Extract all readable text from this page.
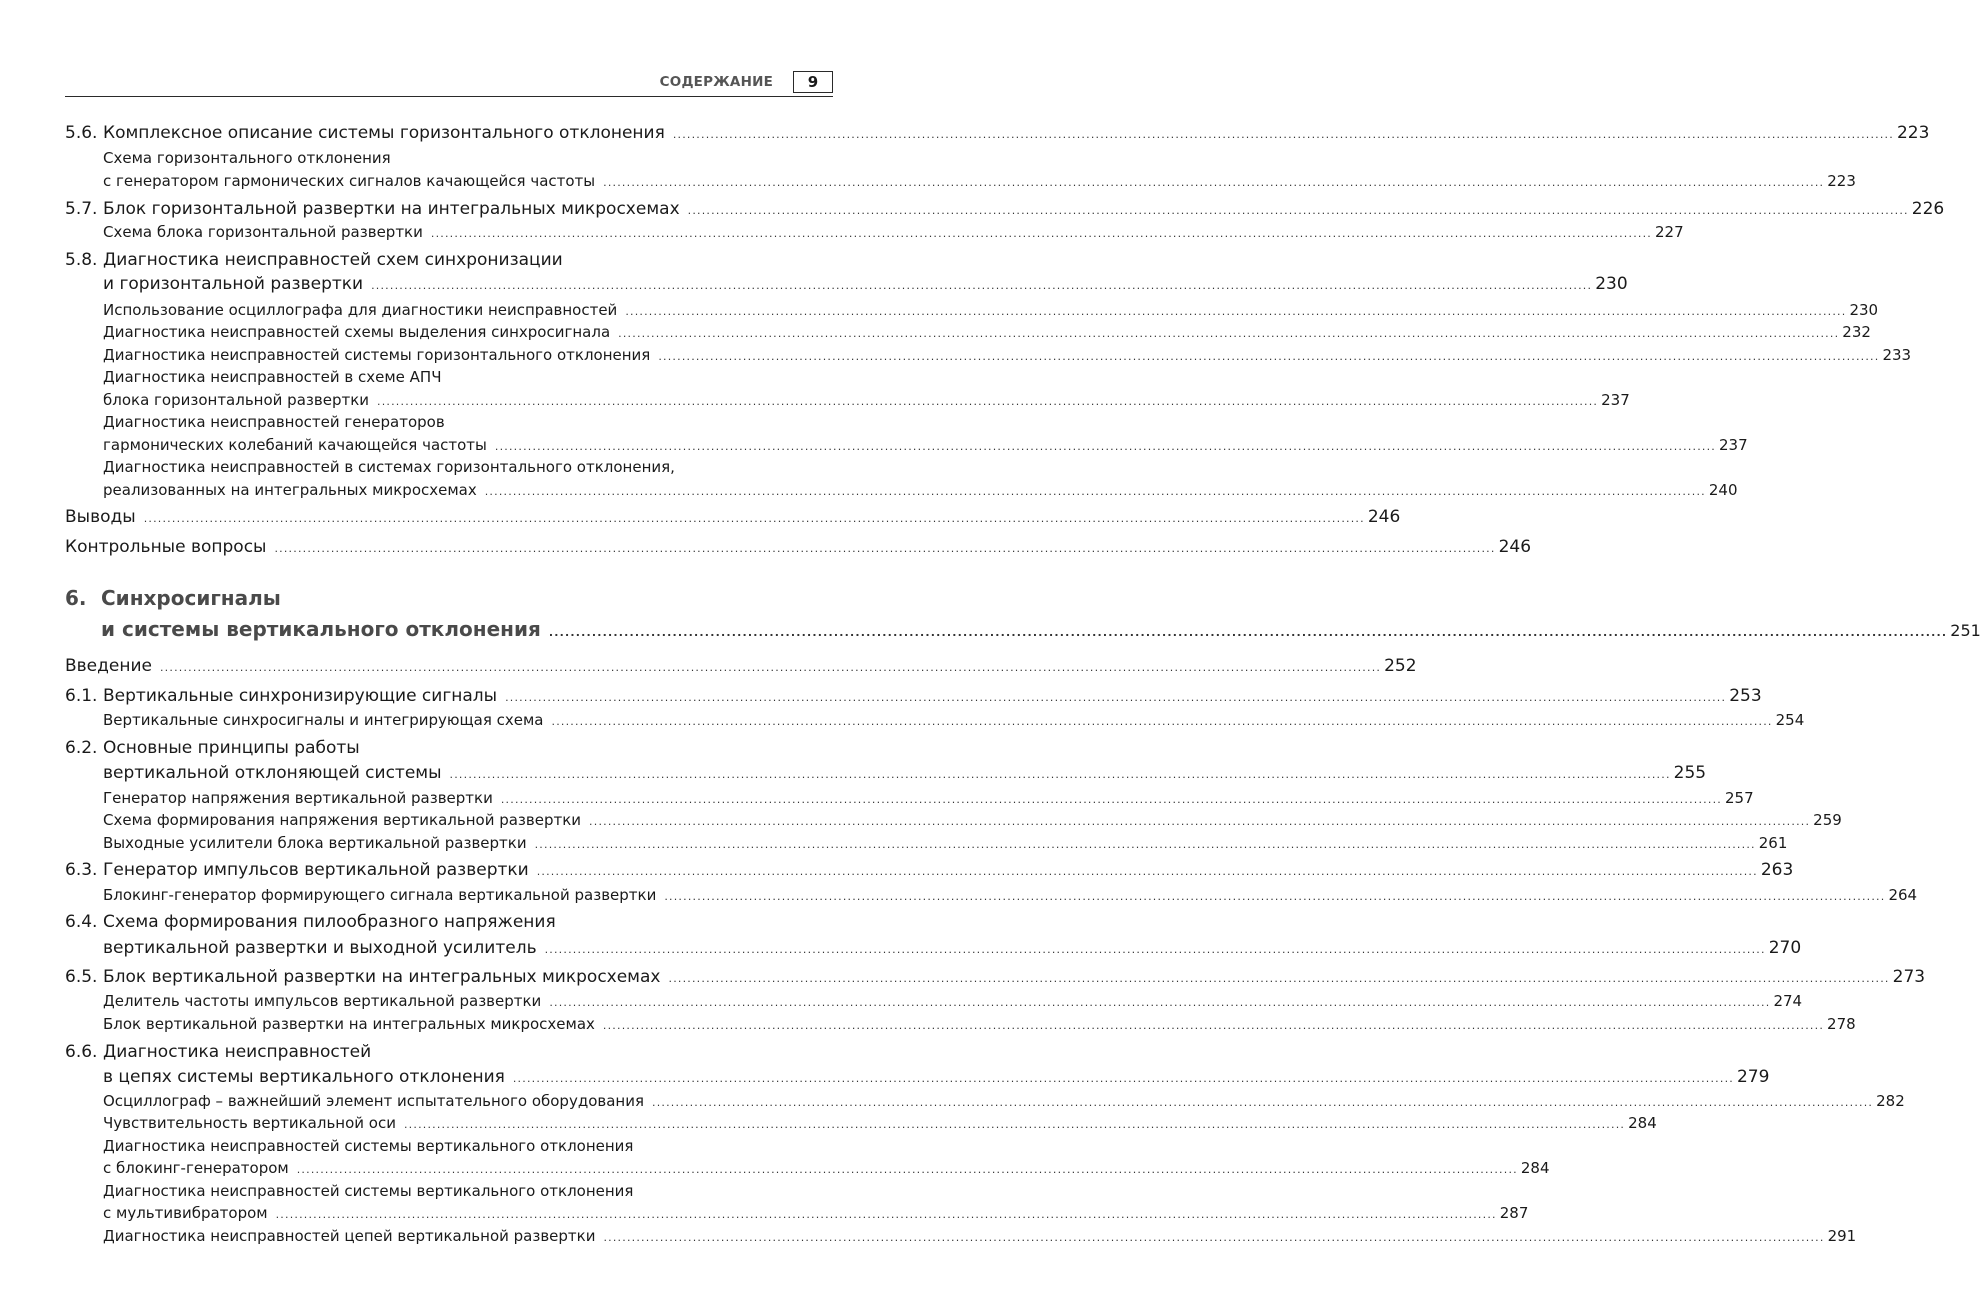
СОДЕРЖАНИЕ	9
5.6. Комплексное описание системы горизонтального отклонения .................................................................................................................................................................................................................................................................... 223
Схема горизонтального отклонения
с генератором гармонических сигналов качающейся частоты .................................................................................................................................................................................................................................................................... 223
5.7. Блок горизонтальной развертки на интегральных микросхемах .................................................................................................................................................................................................................................................................... 226
Схема блока горизонтальной развертки .................................................................................................................................................................................................................................................................... 227
5.8. Диагностика неисправностей схем синхронизации
и горизонтальной развертки .................................................................................................................................................................................................................................................................... 230
Использование осциллографа для диагностики неисправностей .................................................................................................................................................................................................................................................................... 230
Диагностика неисправностей схемы выделения синхросигнала .................................................................................................................................................................................................................................................................... 232
Диагностика неисправностей системы горизонтального отклонения .................................................................................................................................................................................................................................................................... 233
Диагностика неисправностей в схеме АПЧ
блока горизонтальной развертки .................................................................................................................................................................................................................................................................... 237
Диагностика неисправностей генераторов
гармонических колебаний качающейся частоты .................................................................................................................................................................................................................................................................... 237
Диагностика неисправностей в системах горизонтального отклонения,
реализованных на интегральных микросхемах .................................................................................................................................................................................................................................................................... 240
Выводы .................................................................................................................................................................................................................................................................... 246
Контрольные вопросы .................................................................................................................................................................................................................................................................... 246
6. Синхросигналы
и системы вертикального отклонения .................................................................................................................................................................................................................................................................... 251
Введение .................................................................................................................................................................................................................................................................... 252
6.1. Вертикальные синхронизирующие сигналы .................................................................................................................................................................................................................................................................... 253
Вертикальные синхросигналы и интегрирующая схема .................................................................................................................................................................................................................................................................... 254
6.2. Основные принципы работы
вертикальной отклоняющей системы .................................................................................................................................................................................................................................................................... 255
Генератор напряжения вертикальной развертки .................................................................................................................................................................................................................................................................... 257
Схема формирования напряжения вертикальной развертки .................................................................................................................................................................................................................................................................... 259
Выходные усилители блока вертикальной развертки .................................................................................................................................................................................................................................................................... 261
6.3. Генератор импульсов вертикальной развертки .................................................................................................................................................................................................................................................................... 263
Блокинг-генератор формирующего сигнала вертикальной развертки .................................................................................................................................................................................................................................................................... 264
6.4. Схема формирования пилообразного напряжения
вертикальной развертки и выходной усилитель .................................................................................................................................................................................................................................................................... 270
6.5. Блок вертикальной развертки на интегральных микросхемах .................................................................................................................................................................................................................................................................... 273
Делитель частоты импульсов вертикальной развертки .................................................................................................................................................................................................................................................................... 274
Блок вертикальной развертки на интегральных микросхемах .................................................................................................................................................................................................................................................................... 278
6.6. Диагностика неисправностей
в цепях системы вертикального отклонения .................................................................................................................................................................................................................................................................... 279
Осциллограф – важнейший элемент испытательного оборудования .................................................................................................................................................................................................................................................................... 282
Чувствительность вертикальной оси .................................................................................................................................................................................................................................................................... 284
Диагностика неисправностей системы вертикального отклонения
с блокинг-генератором .................................................................................................................................................................................................................................................................... 284
Диагностика неисправностей системы вертикального отклонения
с мультивибратором .................................................................................................................................................................................................................................................................... 287
Диагностика неисправностей цепей вертикальной развертки .................................................................................................................................................................................................................................................................... 291
